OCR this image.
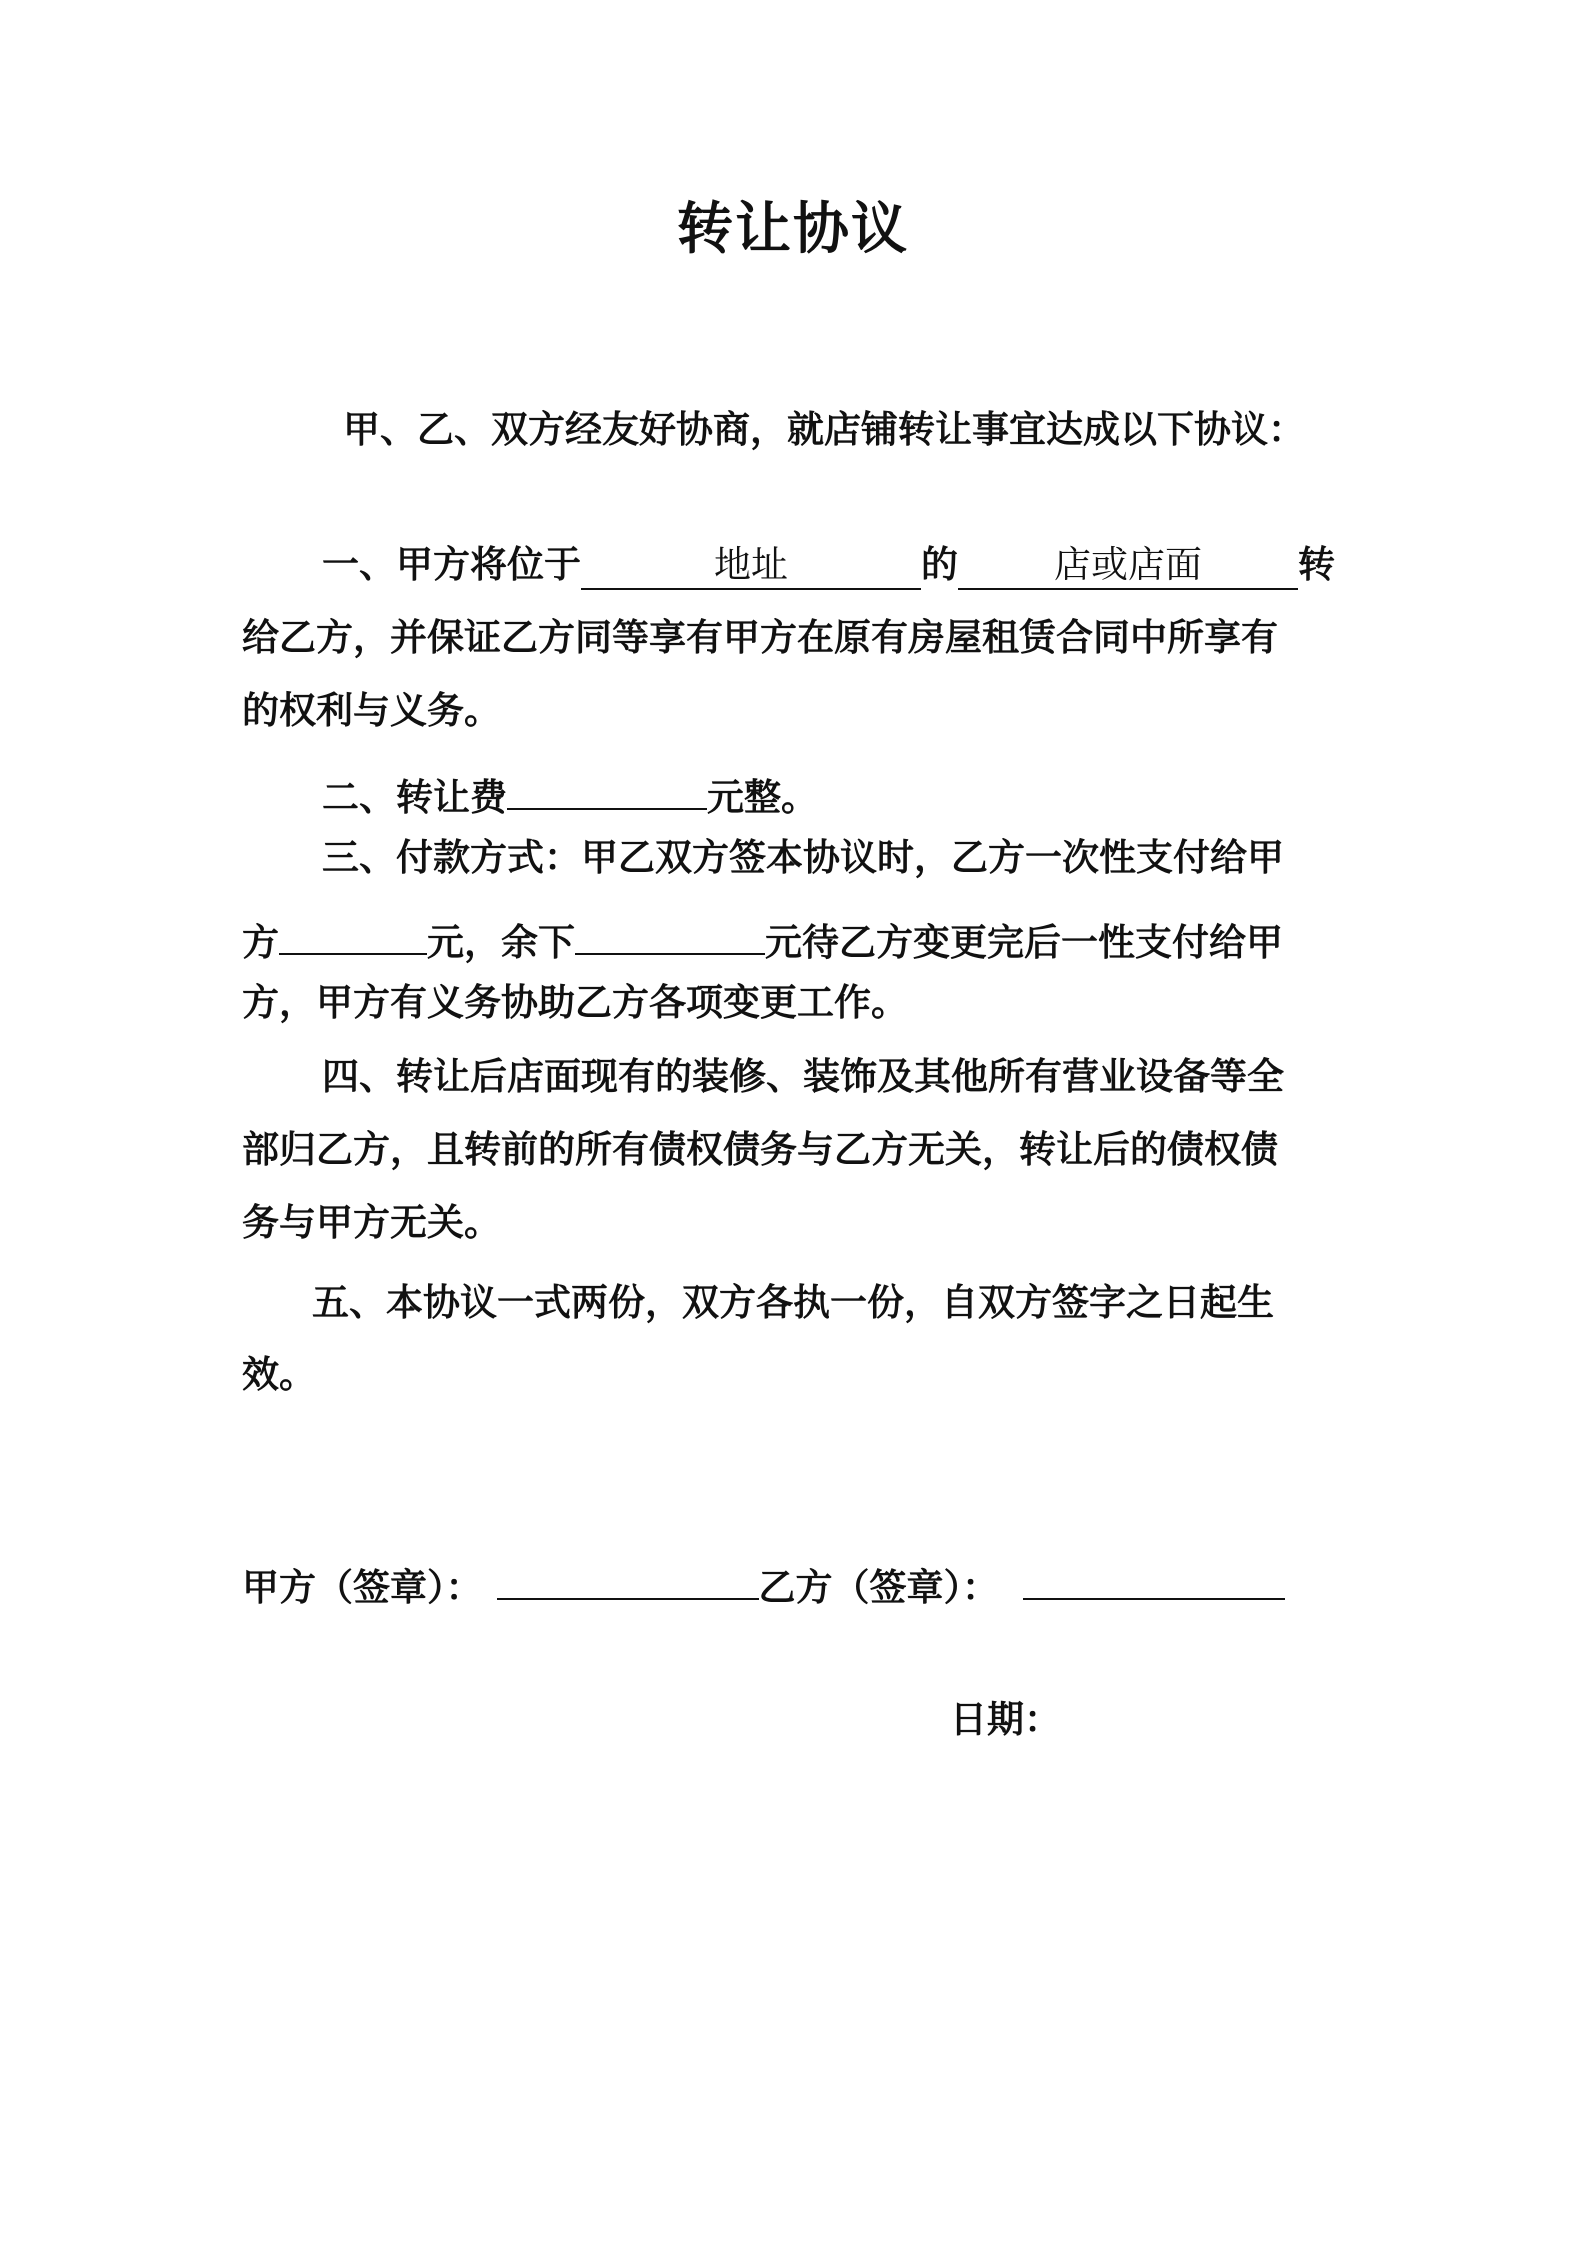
转让协议
甲、乙、双方经友好协商，就店铺转让事宜达成以下协议：
一、甲方将位于	地址	的	店或店面	转
给乙方，并保证乙方同等享有甲方在原有房屋租赁合同中所享有
的权利与义务。
二、转让费	元整。
三、付款方式：甲乙双方签本协议时，乙方一次性支付给甲
方	元，余下	元待乙方变更完后一性支付给甲
方，甲方有义务协助乙方各项变更工作。
四、转让后店面现有的装修、装饰及其他所有营业设备等全
部归乙方，且转前的所有债权债务与乙方无关，转让后的债权债
务与甲方无关。
五、本协议一式两份，双方各执一份，自双方签字之日起生
效。
甲方（签章）：	乙方（签章）：
日期：
